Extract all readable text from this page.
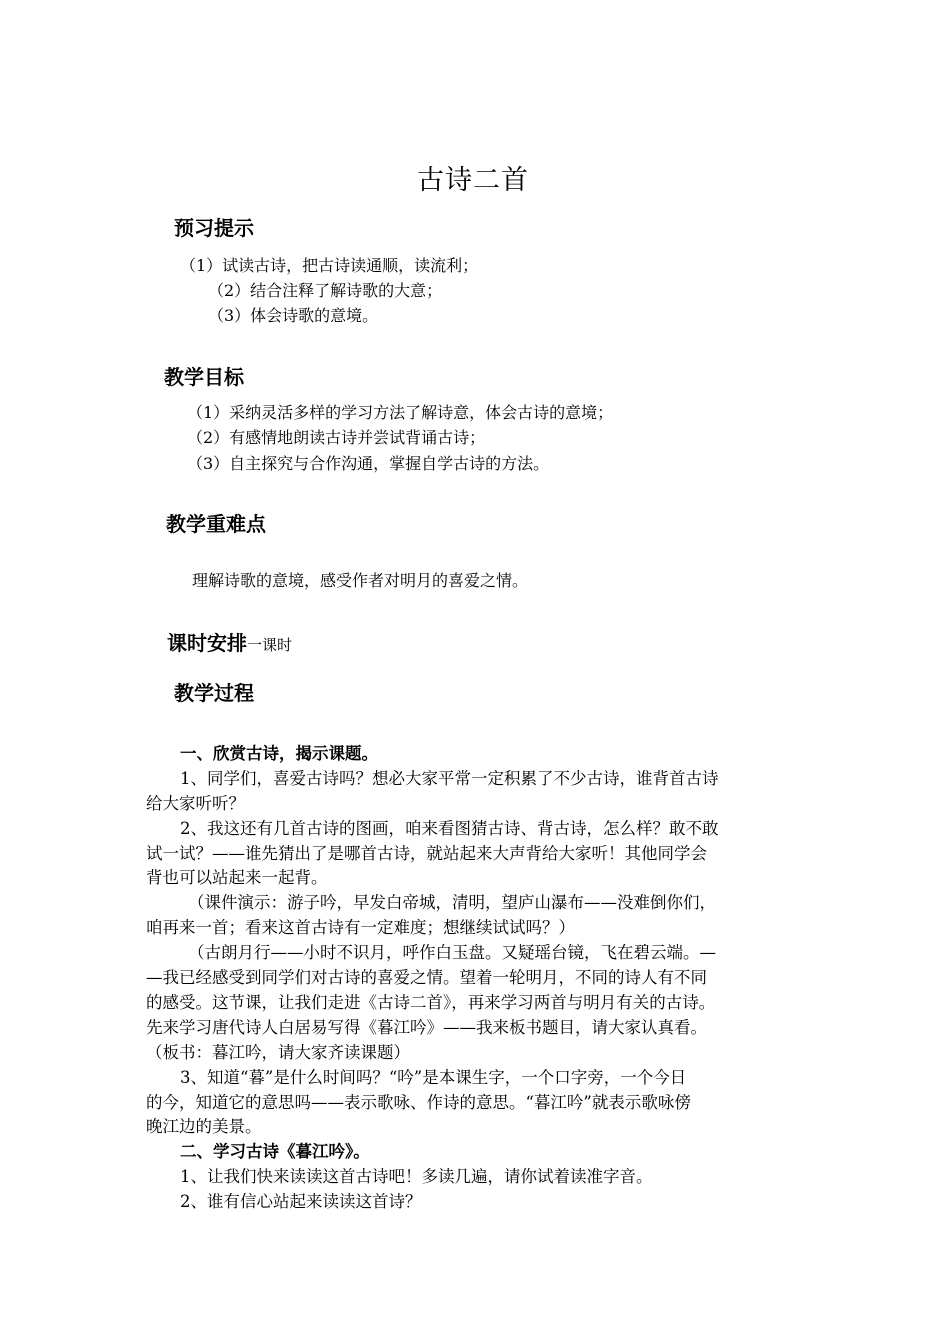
古诗二首
预习提示
（1）试读古诗，把古诗读通顺，读流利；
（2）结合注释了解诗歌的大意；
（3）体会诗歌的意境。
教学目标
（1）采纳灵活多样的学习方法了解诗意，体会古诗的意境；
（2）有感情地朗读古诗并尝试背诵古诗；
（3）自主探究与合作沟通，掌握自学古诗的方法。
教学重难点
理解诗歌的意境，感受作者对明月的喜爱之情。
课时安排一课时
教学过程
一、欣赏古诗，揭示课题。
1、同学们，喜爱古诗吗？想必大家平常一定积累了不少古诗，谁背首古诗
给大家听听？
2、我这还有几首古诗的图画，咱来看图猜古诗、背古诗，怎么样？敢不敢
试一试？——谁先猜出了是哪首古诗，就站起来大声背给大家听！其他同学会
背也可以站起来一起背。
（课件演示：游子吟，早发白帝城，清明，望庐山瀑布——没难倒你们，
咱再来一首；看来这首古诗有一定难度；想继续试试吗？）
（古朗月行——小时不识月，呼作白玉盘。又疑瑶台镜，飞在碧云端。—
—我已经感受到同学们对古诗的喜爱之情。望着一轮明月，不同的诗人有不同
的感受。这节课，让我们走进《古诗二首》，再来学习两首与明月有关的古诗。
先来学习唐代诗人白居易写得《暮江吟》——我来板书题目，请大家认真看。
（板书：暮江吟，请大家齐读课题）
3、知道“暮”是什么时间吗？“吟”是本课生字，一个口字旁，一个今日
的今，知道它的意思吗——表示歌咏、作诗的意思。“暮江吟”就表示歌咏傍
晚江边的美景。
二、学习古诗《暮江吟》。
1、让我们快来读读这首古诗吧！多读几遍，请你试着读准字音。
2、谁有信心站起来读读这首诗？
